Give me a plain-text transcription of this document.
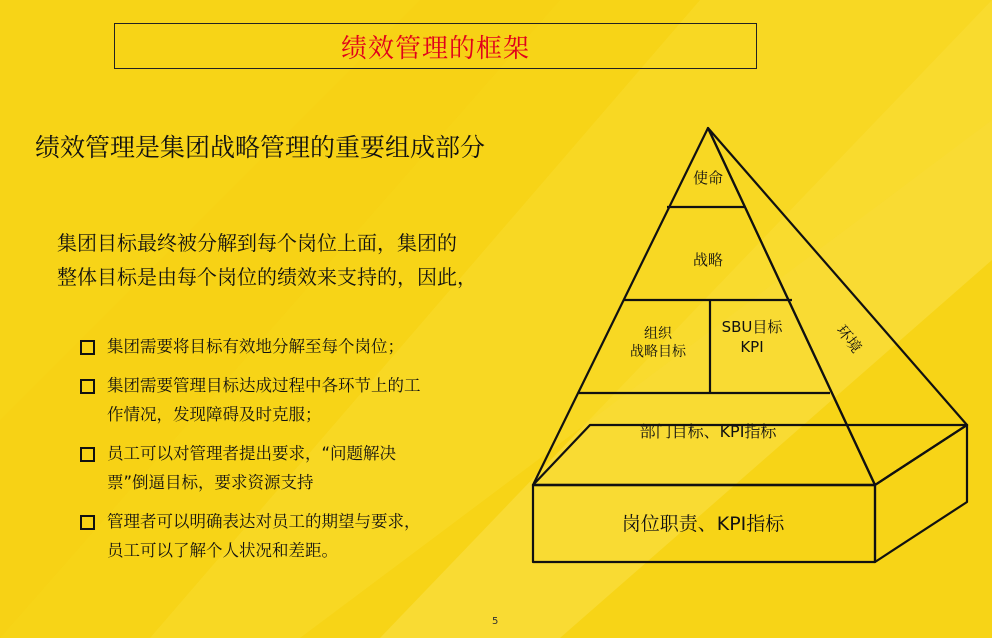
绩效管理的框架
绩效管理是集团战略管理的重要组成部分
集团目标最终被分解到每个岗位上面，集团的
整体目标是由每个岗位的绩效来支持的，因此，
集团需要将目标有效地分解至每个岗位；
集团需要管理目标达成过程中各环节上的工
作情况，发现障碍及时克服；
员工可以对管理者提出要求，“问题解决
票”倒逼目标，要求资源支持
管理者可以明确表达对员工的期望与要求，
员工可以了解个人状况和差距。
使命
战略
组织
战略目标
SBU目标
KPI
部门目标、KPI指标
岗位职责、KPI指标
环境
5
